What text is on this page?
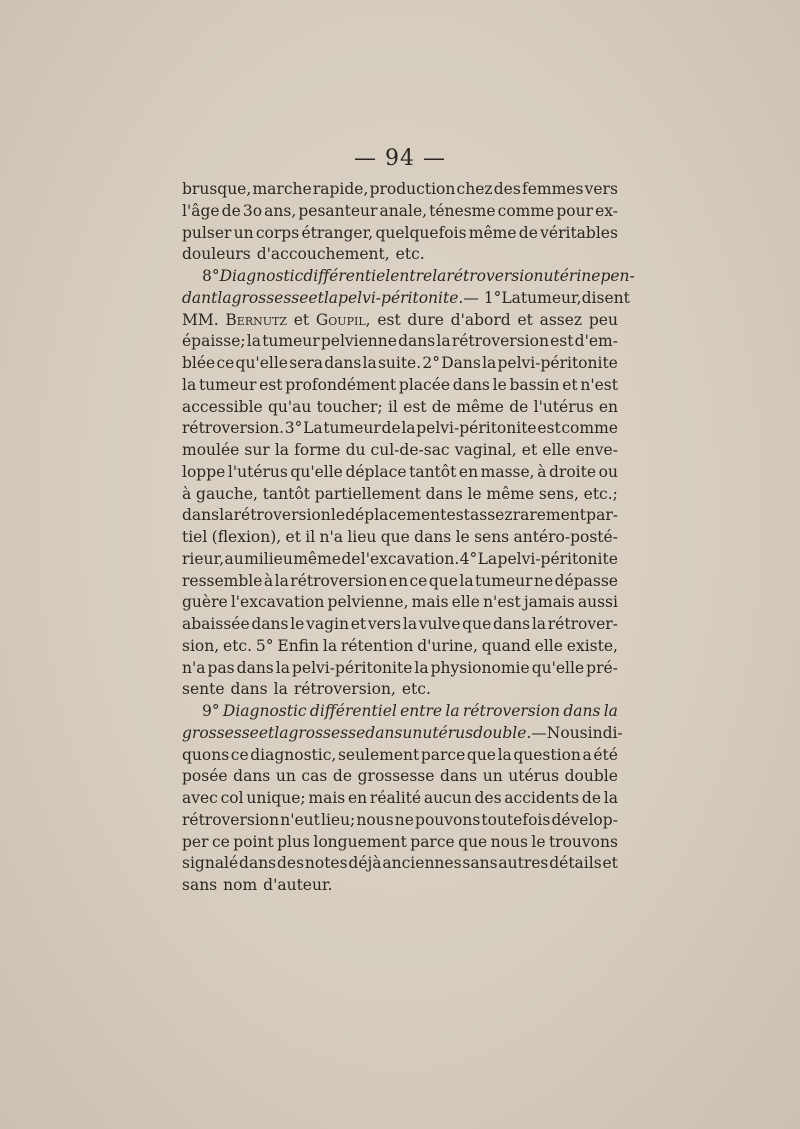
— 94 —
brusque, marche rapide, production chez des femmes vers
l'âge de 3o ans, pesanteur anale, ténesme comme pour ex-
pulser un corps étranger, quelquefois même de véritables
douleurs d'accouchement, etc.
8° Diagnostic différentiel entre la rétroversion utérine pen-
dant la grossesse et la pelvi-péritonite. — 1° La tumeur, disent
MM. Bernutz et Goupil, est dure d'abord et assez peu
épaisse; la tumeur pelvienne dans la rétroversion est d'em-
blée ce qu'elle sera dans la suite. 2° Dans la pelvi-péritonite
la tumeur est profondément placée dans le bassin et n'est
accessible qu'au toucher; il est de même de l'utérus en
rétroversion. 3° La tumeur de la pelvi-péritonite est comme
moulée sur la forme du cul-de-sac vaginal, et elle enve-
loppe l'utérus qu'elle déplace tantôt en masse, à droite ou
à gauche, tantôt partiellement dans le même sens, etc.;
dans la rétroversion le déplacement est assez rarement par-
tiel (flexion), et il n'a lieu que dans le sens antéro-posté-
rieur, au milieu même de l'excavation. 4° La pelvi-péritonite
ressemble à la rétroversion en ce que la tumeur ne dépasse
guère l'excavation pelvienne, mais elle n'est jamais aussi
abaissée dans le vagin et vers la vulve que dans la rétrover-
sion, etc. 5° Enfin la rétention d'urine, quand elle existe,
n'a pas dans la pelvi-péritonite la physionomie qu'elle pré-
sente dans la rétroversion, etc.
9° Diagnostic différentiel entre la rétroversion dans la
grossesse et la grossesse dans un utérus double. — Nous indi-
quons ce diagnostic, seulement parce que la question a été
posée dans un cas de grossesse dans un utérus double
avec col unique; mais en réalité aucun des accidents de la
rétroversion n'eut lieu; nous ne pouvons toutefois dévelop-
per ce point plus longuement parce que nous le trouvons
signalé dans des notes déjà anciennes sans autres détails et
sans nom d'auteur.
